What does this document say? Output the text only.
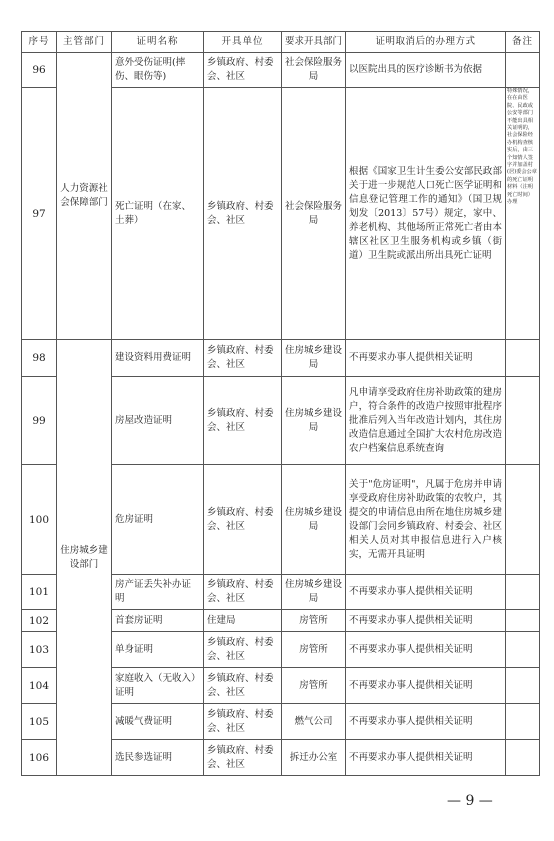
序号	主管部门	证明名称	开具单位	要求开具部门	证明取消后的办理方式	备注
96	人力资源社会保障部门	意外受伤证明(摔伤、眼伤等)	乡镇政府、村委会、社区	社会保险服务局	以医院出具的医疗诊断书为依据	
97		死亡证明（在家、土葬）	乡镇政府、村委会、社区	社会保险服务局	根据《国家卫生计生委公安部民政部关于进一步规范人口死亡医学证明和信息登记管理工作的通知》（国卫规划发〔2013〕57号）规定，家中、养老机构、其他场所正常死亡者由本辖区社区卫生服务机构或乡镇（街道）卫生院或派出所出具死亡证明	特殊情况，在在由医院、民政或公安等部门不能出具相关证明的，社会保险经办机构查核实后，由三个知情人签字并加盖村(居)委会公章的死亡证明材料（注明死亡时间）办理
98	住房城乡建设部门	建设资料用费证明	乡镇政府、村委会、社区	住房城乡建设局	不再要求办事人提供相关证明	
99		房屋改造证明	乡镇政府、村委会、社区	住房城乡建设局	凡申请享受政府住房补助政策的建房户，符合条件的改造户按照审批程序批准后列入当年改造计划内，其住房改造信息通过全国扩大农村危房改造农户档案信息系统查询	
100		危房证明	乡镇政府、村委会、社区	住房城乡建设局	关于"危房证明"，凡属于危房并申请享受政府住房补助政策的农牧户，其提交的申请信息由所在地住房城乡建设部门会同乡镇政府、村委会、社区相关人员对其申报信息进行入户核实，无需开具证明	
101		房产证丢失补办证明	乡镇政府、村委会、社区	住房城乡建设局	不再要求办事人提供相关证明	
102		首套房证明	住建局	房管所	不再要求办事人提供相关证明	
103		单身证明	乡镇政府、村委会、社区	房管所	不再要求办事人提供相关证明	
104		家庭收入（无收入）证明	乡镇政府、村委会、社区	房管所	不再要求办事人提供相关证明	
105		减暖气费证明	乡镇政府、村委会、社区	燃气公司	不再要求办事人提供相关证明	
106		选民参选证明	乡镇政府、村委会、社区	拆迁办公室	不再要求办事人提供相关证明	
— 9 —
